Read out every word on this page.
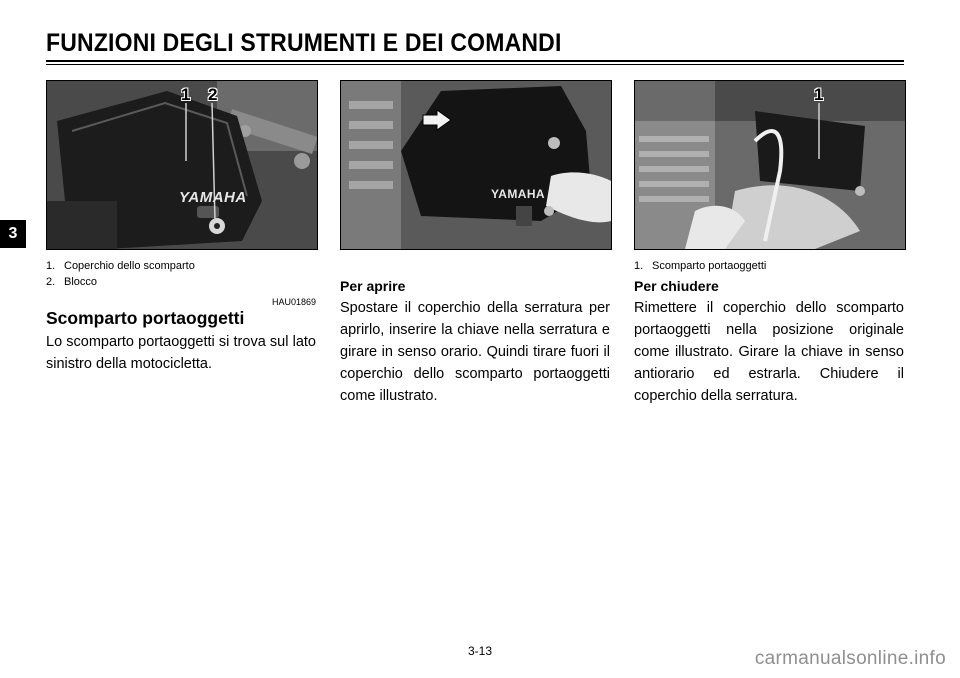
FUNZIONI DEGLI STRUMENTI E DEI COMANDI
3
YAMAHA
1 2
YAMAHA
1
1. Coperchio dello scomparto
2. Blocco
1. Scomparto portaoggetti
HAU01869
Scomparto portaoggetti
Lo scomparto portaoggetti si trova sul lato sinistro della motocicletta.
Per aprire
Spostare il coperchio della serratura per aprirlo, inserire la chiave nella serratura e girare in senso orario. Quindi tirare fuori il coperchio dello scomparto portaoggetti come illustrato.
Per chiudere
Rimettere il coperchio dello scomparto portaoggetti nella posizione originale come illustrato. Girare la chiave in senso antiorario ed estrarla. Chiudere il coperchio della serratura.
3-13	carmanualsonline.info
